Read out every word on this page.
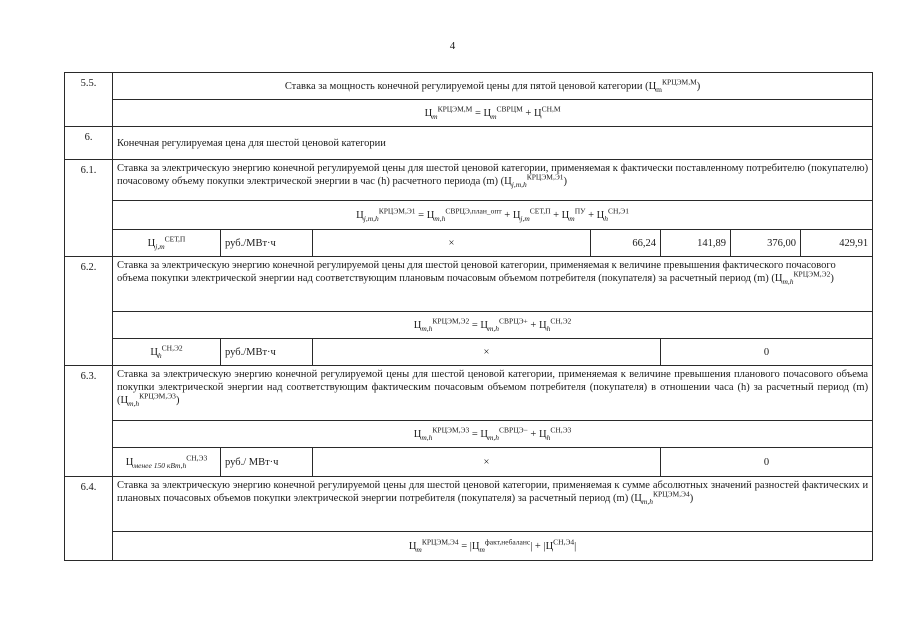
4
5.5.	Ставка за мощность конечной регулируемой цены для пятой ценовой категории $(Ц_m^{КРЦЭМ,М})$						
	$Ц_m^{КРЦЭМ,М} = Ц_m^{СВРЦМ} + Ц^{СН,М}$
6.	Конечная регулируемая цена для шестой ценовой категории						
6.1.	Ставка за электрическую энергию конечной регулируемой цены для шестой ценовой категории, применяемая к фактически поставленному потребителю (покупателю) почасовому объему покупки электрической энергии в час (h) расчетного периода (m) $(Ц_{j,m,h}^{КРЦЭМ,Э1})$						
	$Ц_{j,m,h}^{КРЦЭМ,Э1} = Ц_{m,h}^{СВРЦЭ,план\_опт} + Ц_{j,m}^{СЕТ,П} + Ц_m^{ПУ} + Ц_h^{СН,Э1}$
	$Ц_{j,m}^{СЕТ,П}$	руб./МВт·ч	×	66,24	141,89	376,00	429,91
6.2.	Ставка за электрическую энергию конечной регулируемой цены для шестой ценовой категории, применяемая к величине превышения фактического почасового объема покупки электрической энергии над соответствующим плановым почасовым объемом потребителя (покупателя) за расчетный период (m) $(Ц_{m,h}^{КРЦЭМ,Э2})$						
	$Ц_{m,h}^{КРЦЭМ,Э2} = Ц_{m,h}^{СВРЦЭ+} + Ц_h^{СН,Э2}$
	$Ц_h^{СН,Э2}$	руб./МВт·ч	×		0		
6.3.	Ставка за электрическую энергию конечной регулируемой цены для шестой ценовой категории, применяемая к величине превышения планового почасового объема покупки электрической энергии над соответствующим фактическим почасовым объемом потребителя (покупателя) в отношении часа (h) за расчетный период (m) $(Ц_{m,h}^{КРЦЭМ,Э3})$						
	$Ц_{m,h}^{КРЦЭМ,Э3} = Ц_{m,h}^{СВРЦЭ-} + Ц_h^{СН,Э3}$
	$Ц_{менее 150 кВт,h}^{СН,Э3}$	руб./ МВт·ч	×		0		
6.4.	Ставка за электрическую энергию конечной регулируемой цены для шестой ценовой категории, применяемая к сумме абсолютных значений разностей фактических и плановых почасовых объемов покупки электрической энергии потребителя (покупателя) за расчетный период (m) $(Ц_{m,h}^{КРЦЭМ,Э4})$						
	$Ц_m^{КРЦЭМ,Э4} = |Ц_m^{факт,небаланс}| + |Ц^{СН,Э4}|$						
